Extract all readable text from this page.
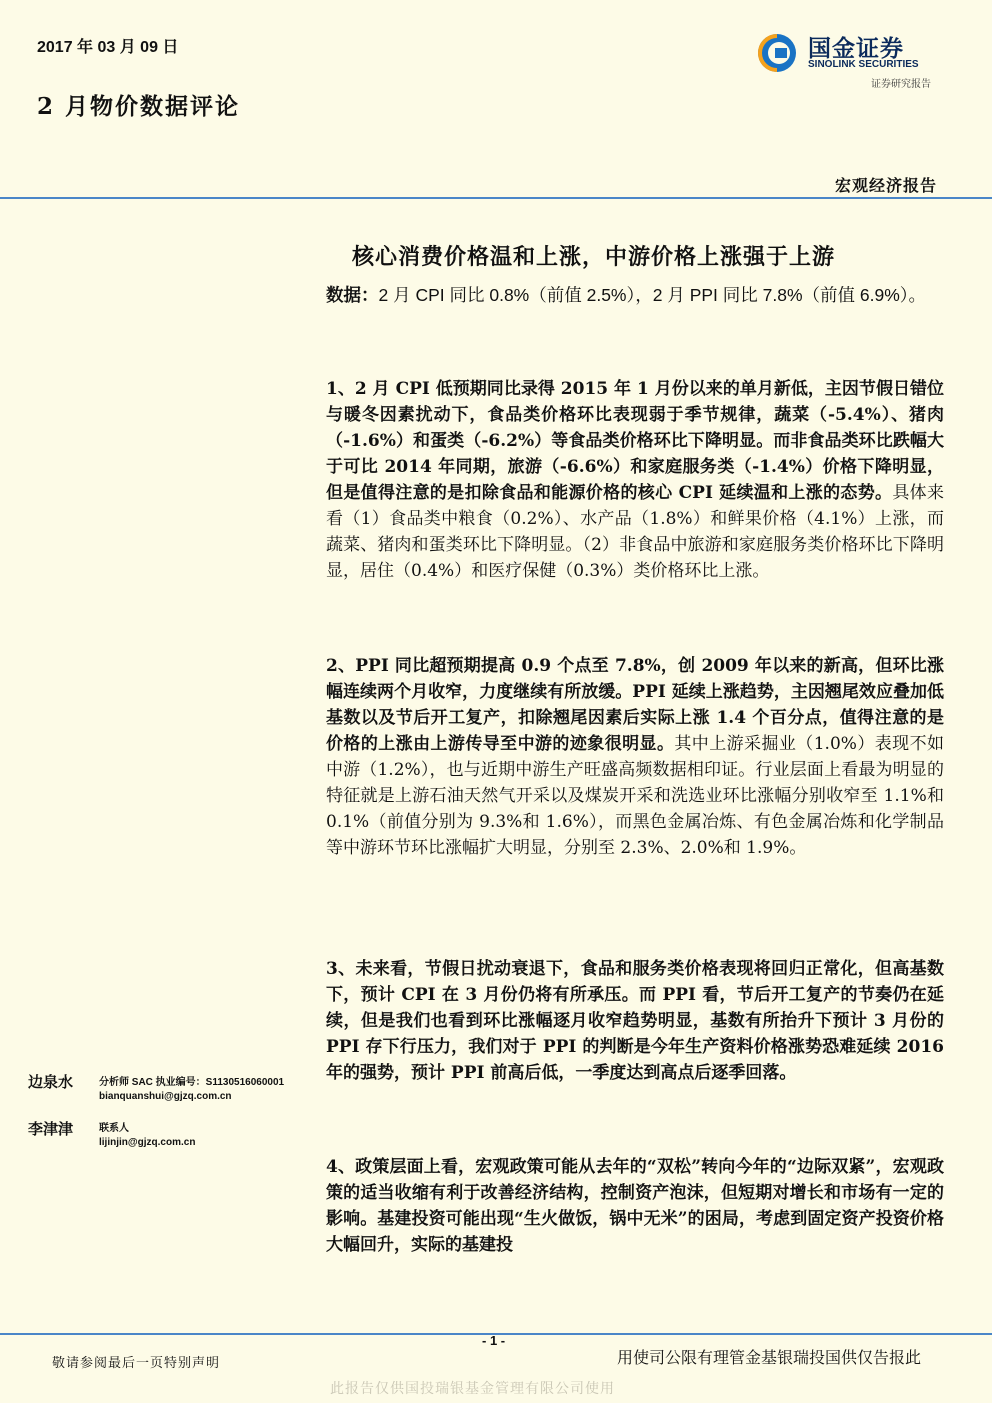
2017 年 03 月 09 日
2 月物价数据评论
国金证券
SINOLINK SECURITIES
证券研究报告
宏观经济报告
核心消费价格温和上涨，中游价格上涨强于上游
数据：2 月 CPI 同比 0.8%（前值 2.5%），2 月 PPI 同比 7.8%（前值 6.9%）。
1、2 月 CPI 低预期同比录得 2015 年 1 月份以来的单月新低，主因节假日错位与暖冬因素扰动下，食品类价格环比表现弱于季节规律，蔬菜（-5.4%）、猪肉（-1.6%）和蛋类（-6.2%）等食品类价格环比下降明显。而非食品类环比跌幅大于可比 2014 年同期，旅游（-6.6%）和家庭服务类（-1.4%）价格下降明显，但是值得注意的是扣除食品和能源价格的核心 CPI 延续温和上涨的态势。具体来看（1）食品类中粮食（0.2%）、水产品（1.8%）和鲜果价格（4.1%）上涨，而蔬菜、猪肉和蛋类环比下降明显。（2）非食品中旅游和家庭服务类价格环比下降明显，居住（0.4%）和医疗保健（0.3%）类价格环比上涨。
2、PPI 同比超预期提高 0.9 个点至 7.8%，创 2009 年以来的新高，但环比涨幅连续两个月收窄，力度继续有所放缓。PPI 延续上涨趋势，主因翘尾效应叠加低基数以及节后开工复产，扣除翘尾因素后实际上涨 1.4 个百分点，值得注意的是价格的上涨由上游传导至中游的迹象很明显。其中上游采掘业（1.0%）表现不如中游（1.2%），也与近期中游生产旺盛高频数据相印证。行业层面上看最为明显的特征就是上游石油天然气开采以及煤炭开采和洗选业环比涨幅分别收窄至 1.1%和 0.1%（前值分别为 9.3%和 1.6%），而黑色金属冶炼、有色金属冶炼和化学制品等中游环节环比涨幅扩大明显，分别至 2.3%、2.0%和 1.9%。
3、未来看，节假日扰动衰退下，食品和服务类价格表现将回归正常化，但高基数下，预计 CPI 在 3 月份仍将有所承压。而 PPI 看，节后开工复产的节奏仍在延续，但是我们也看到环比涨幅逐月收窄趋势明显，基数有所抬升下预计 3 月份的 PPI 存下行压力，我们对于 PPI 的判断是今年生产资料价格涨势恐难延续 2016 年的强势，预计 PPI 前高后低，一季度达到高点后逐季回落。
4、政策层面上看，宏观政策可能从去年的“双松”转向今年的“边际双紧”，宏观政策的适当收缩有利于改善经济结构，控制资产泡沫，但短期对增长和市场有一定的影响。基建投资可能出现“生火做饭，锅中无米”的困局，考虑到固定资产投资价格大幅回升，实际的基建投
边泉水	分析师 SAC 执业编号：S1130516060001
bianquanshui@gjzq.com.cn
李津津	联系人
lijinjin@gjzq.com.cn
- 1 -
敬请参阅最后一页特别声明	用使司公限有理管金基银瑞投国供仅告报此
此报告仅供国投瑞银基金管理有限公司使用
